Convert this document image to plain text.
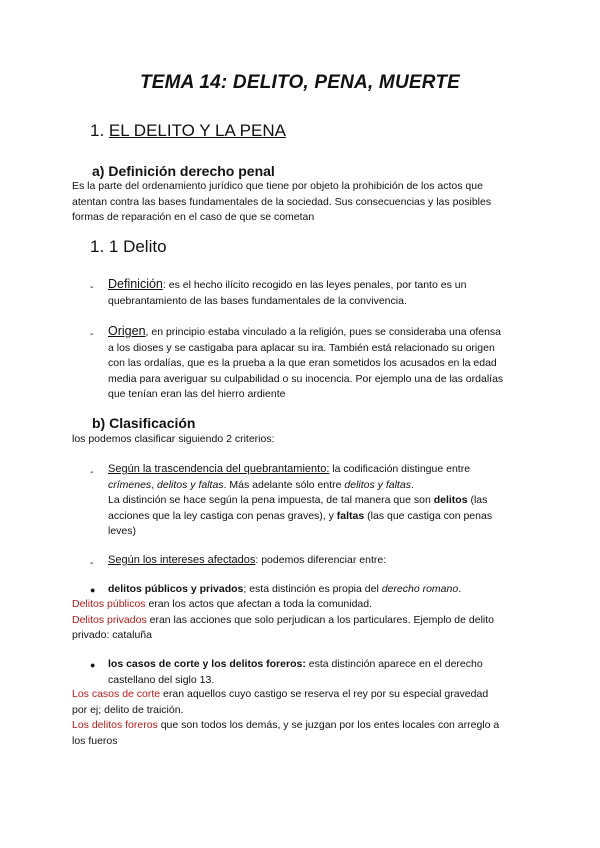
TEMA 14: DELITO, PENA, MUERTE
1. EL DELITO Y LA PENA
a) Definición derecho penal
Es la parte del ordenamiento jurídico que tiene por objeto la prohibición de los actos que
atentan contra las bases fundamentales de la sociedad. Sus consecuencias y las posibles
formas de reparación en el caso de que se cometan
1. 1 Delito
- Definición: es el hecho ilícito recogido en las leyes penales, por tanto es un
quebrantamiento de las bases fundamentales de la convivencia.
- Origen, en principio estaba vinculado a la religión, pues se consideraba una ofensa
a los dioses y se castigaba para aplacar su ira. También está relacionado su origen
con las ordalías, que es la prueba a la que eran sometidos los acusados en la edad
media para averiguar su culpabilidad o su inocencia. Por ejemplo una de las ordalías
que tenían eran las del hierro ardiente
b) Clasificación
los podemos clasificar siguiendo 2 criterios:
- Según la trascendencia del quebrantamiento: la codificación distingue entre
crímenes, delitos y faltas. Más adelante sólo entre delitos y faltas.
La distinción se hace según la pena impuesta, de tal manera que son delitos (las
acciones que la ley castiga con penas graves), y faltas (las que castiga con penas
leves)
- Según los intereses afectados: podemos diferenciar entre:
● delitos públicos y privados; esta distinción es propia del derecho romano.
Delitos públicos eran los actos que afectan a toda la comunidad.
Delitos privados eran las acciones que solo perjudican a los particulares. Ejemplo de delito
privado: cataluña
● los casos de corte y los delitos foreros: esta distinción aparece en el derecho
castellano del siglo 13.
Los casos de corte eran aquellos cuyo castigo se reserva el rey por su especial gravedad
por ej; delito de traición.
Los delitos foreros que son todos los demás, y se juzgan por los entes locales con arreglo a
los fueros
